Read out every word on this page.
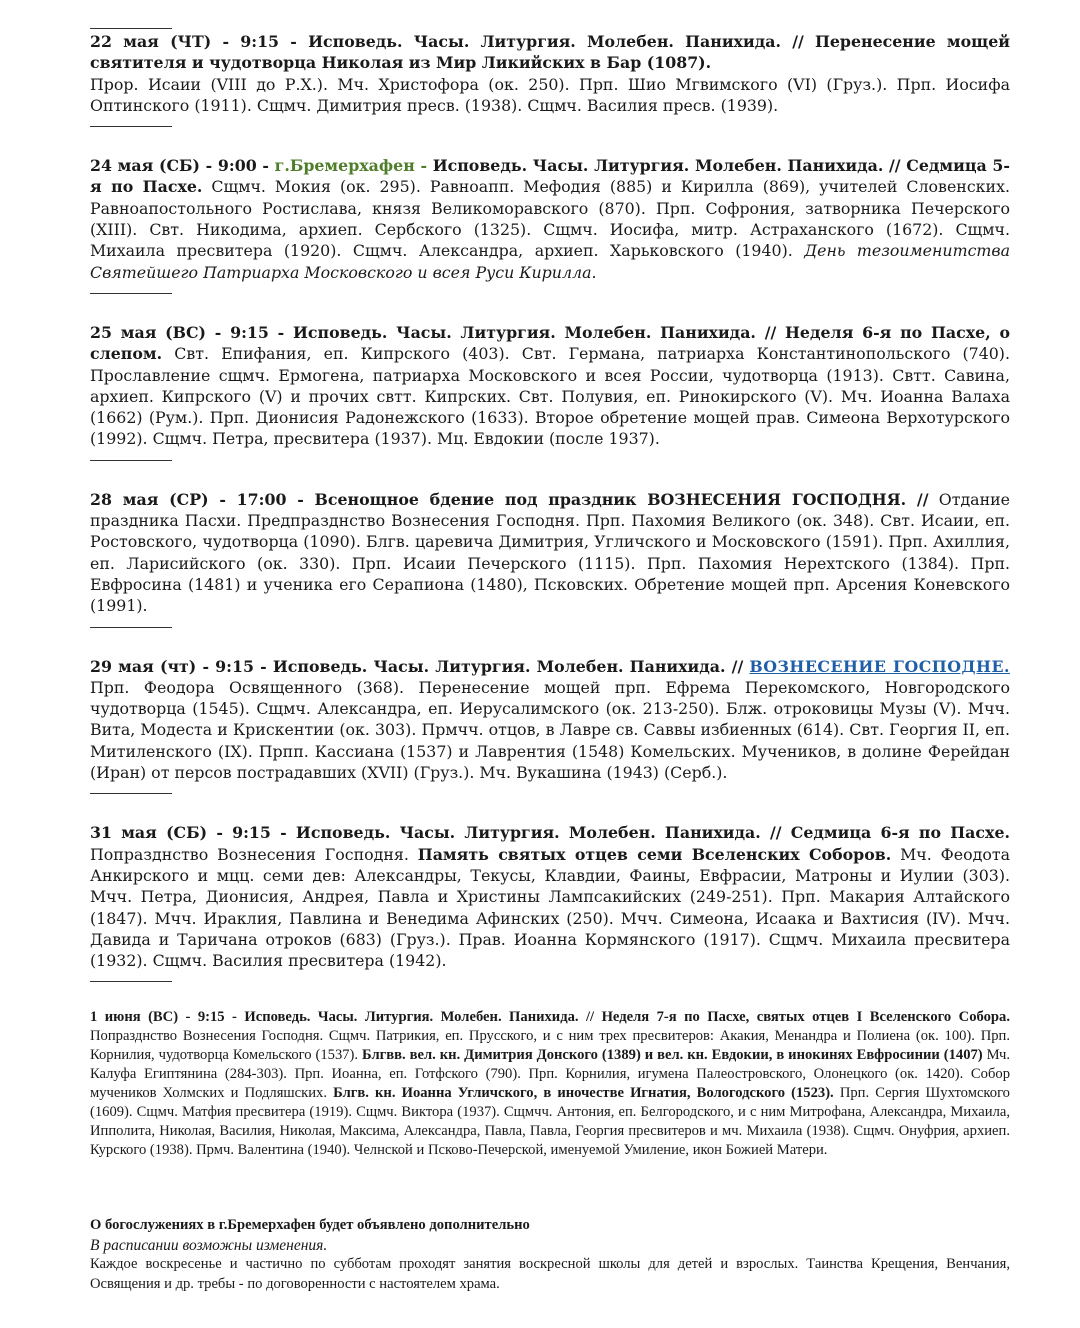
22 мая (ЧТ) - 9:15 - Исповедь. Часы. Литургия. Молебен. Панихида. // Перенесение мощей святителя и чудотворца Николая из Мир Ликийских в Бар (1087).

Прор. Исаии (VIII до Р.Х.). Мч. Христофора (ок. 250). Прп. Шио Мгвимского (VI) (Груз.). Прп. Иосифа Оптинского (1911). Сщмч. Димитрия пресв. (1938). Сщмч. Василия пресв. (1939).

24 мая (СБ) - 9:00 - г.Бремерхафен - Исповедь. Часы. Литургия. Молебен. Панихида. // Седмица 5-я по Пасхе. Сщмч. Мокия (ок. 295). Равноапп. Мефодия (885) и Кирилла (869), учителей Словенских. Равноапостольного Ростислава, князя Великоморавского (870). Прп. Софрония, затворника Печерского (XIII). Свт. Никодима, архиеп. Сербского (1325). Сщмч. Иосифа, митр. Астраханского (1672). Сщмч. Михаила пресвитера (1920). Сщмч. Александра, архиеп. Харьковского (1940). День тезоименитства Святейшего Патриарха Московского и всея Руси Кирилла.

25 мая (ВС) - 9:15 - Исповедь. Часы. Литургия. Молебен. Панихида. // Неделя 6-я по Пасхе, о слепом. Свт. Епифания, еп. Кипрского (403). Свт. Германа, патриарха Константинопольского (740). Прославление сщмч. Ермогена, патриарха Московского и всея России, чудотворца (1913). Свтт. Савина, архиеп. Кипрского (V) и прочих свтт. Кипрских. Свт. Полувия, еп. Ринокирского (V). Мч. Иоанна Валаха (1662) (Рум.). Прп. Дионисия Радонежского (1633). Второе обретение мощей прав. Симеона Верхотурского (1992). Сщмч. Петра, пресвитера (1937). Мц. Евдокии (после 1937).

28 мая (СР) - 17:00 - Всенощное бдение под праздник ВОЗНЕСЕНИЯ ГОСПОДНЯ. // Отдание праздника Пасхи. Предпразднство Вознесения Господня. Прп. Пахомия Великого (ок. 348). Свт. Исаии, еп. Ростовского, чудотворца (1090). Блгв. царевича Димитрия, Угличского и Московского (1591). Прп. Ахиллия, еп. Ларисийского (ок. 330). Прп. Исаии Печерского (1115). Прп. Пахомия Нерехтского (1384). Прп. Евфросина (1481) и ученика его Серапиона (1480), Псковских. Обретение мощей прп. Арсения Коневского (1991).

29 мая (чт) - 9:15 - Исповедь. Часы. Литургия. Молебен. Панихида. // ВОЗНЕСЕНИЕ ГОСПОДНЕ. Прп. Феодора Освященного (368). Перенесение мощей прп. Ефрема Перекомского, Новгородского чудотворца (1545). Сщмч. Александра, еп. Иерусалимского (ок. 213-250). Блж. отроковицы Музы (V). Мчч. Вита, Модеста и Крискентии (ок. 303). Прмчч. отцов, в Лавре св. Саввы избиенных (614). Свт. Георгия II, еп. Митиленского (IX). Прпп. Кассиана (1537) и Лаврентия (1548) Комельских. Мучеников, в долине Ферейдан (Иран) от персов пострадавших (XVII) (Груз.). Мч. Вукашина (1943) (Серб.).

31 мая (СБ) - 9:15 - Исповедь. Часы. Литургия. Молебен. Панихида. // Седмица 6-я по Пасхе. Попразднство Вознесения Господня. Память святых отцев семи Вселенских Соборов. Мч. Феодота Анкирского и мцц. семи дев: Александры, Текусы, Клавдии, Фаины, Евфрасии, Матроны и Иулии (303). Мчч. Петра, Дионисия, Андрея, Павла и Христины Лампсакийских (249-251). Прп. Макария Алтайского (1847). Мчч. Ираклия, Павлина и Венедима Афинских (250). Мчч. Симеона, Исаака и Вахтисия (IV). Мчч. Давида и Таричана отроков (683) (Груз.). Прав. Иоанна Кормянского (1917). Сщмч. Михаила пресвитера (1932). Сщмч. Василия пресвитера (1942).

1 июня (ВС) - 9:15 - Исповедь. Часы. Литургия. Молебен. Панихида. // Неделя 7-я по Пасхе, святых отцев I Вселенского Собора. Попразднство Вознесения Господня. Сщмч. Патрикия, еп. Прусского, и с ним трех пресвитеров: Акакия, Менандра и Полиена (ок. 100). Прп. Корнилия, чудотворца Комельского (1537). Блгвв. вел. кн. Димитрия Донского (1389) и вел. кн. Евдокии, в инокинях Евфросинии (1407) Мч. Калуфа Египтянина (284-303). Прп. Иоанна, еп. Готфского (790). Прп. Корнилия, игумена Палеостровского, Олонецкого (ок. 1420). Собор мучеников Холмских и Подляшских. Блгв. кн. Иоанна Угличского, в иночестве Игнатия, Вологодского (1523). Прп. Сергия Шухтомского (1609). Сщмч. Матфия пресвитера (1919). Сщмч. Виктора (1937). Сщмчч. Антония, еп. Белгородского, и с ним Митрофана, Александра, Михаила, Ипполита, Николая, Василия, Николая, Максима, Александра, Павла, Павла, Георгия пресвитеров и мч. Михаила (1938). Сщмч. Онуфрия, архиеп. Курского (1938). Прмч. Валентина (1940). Челнской и Псково-Печерской, именуемой Умиление, икон Божией Матери.

О богослужениях в г.Бремерхафен будет объявлено дополнительно
В расписании возможны изменения.
Каждое воскресенье и частично по субботам проходят занятия воскресной школы для детей и взрослых. Таинства Крещения, Венчания, Освящения и др. требы - по договоренности с настоятелем храма.
